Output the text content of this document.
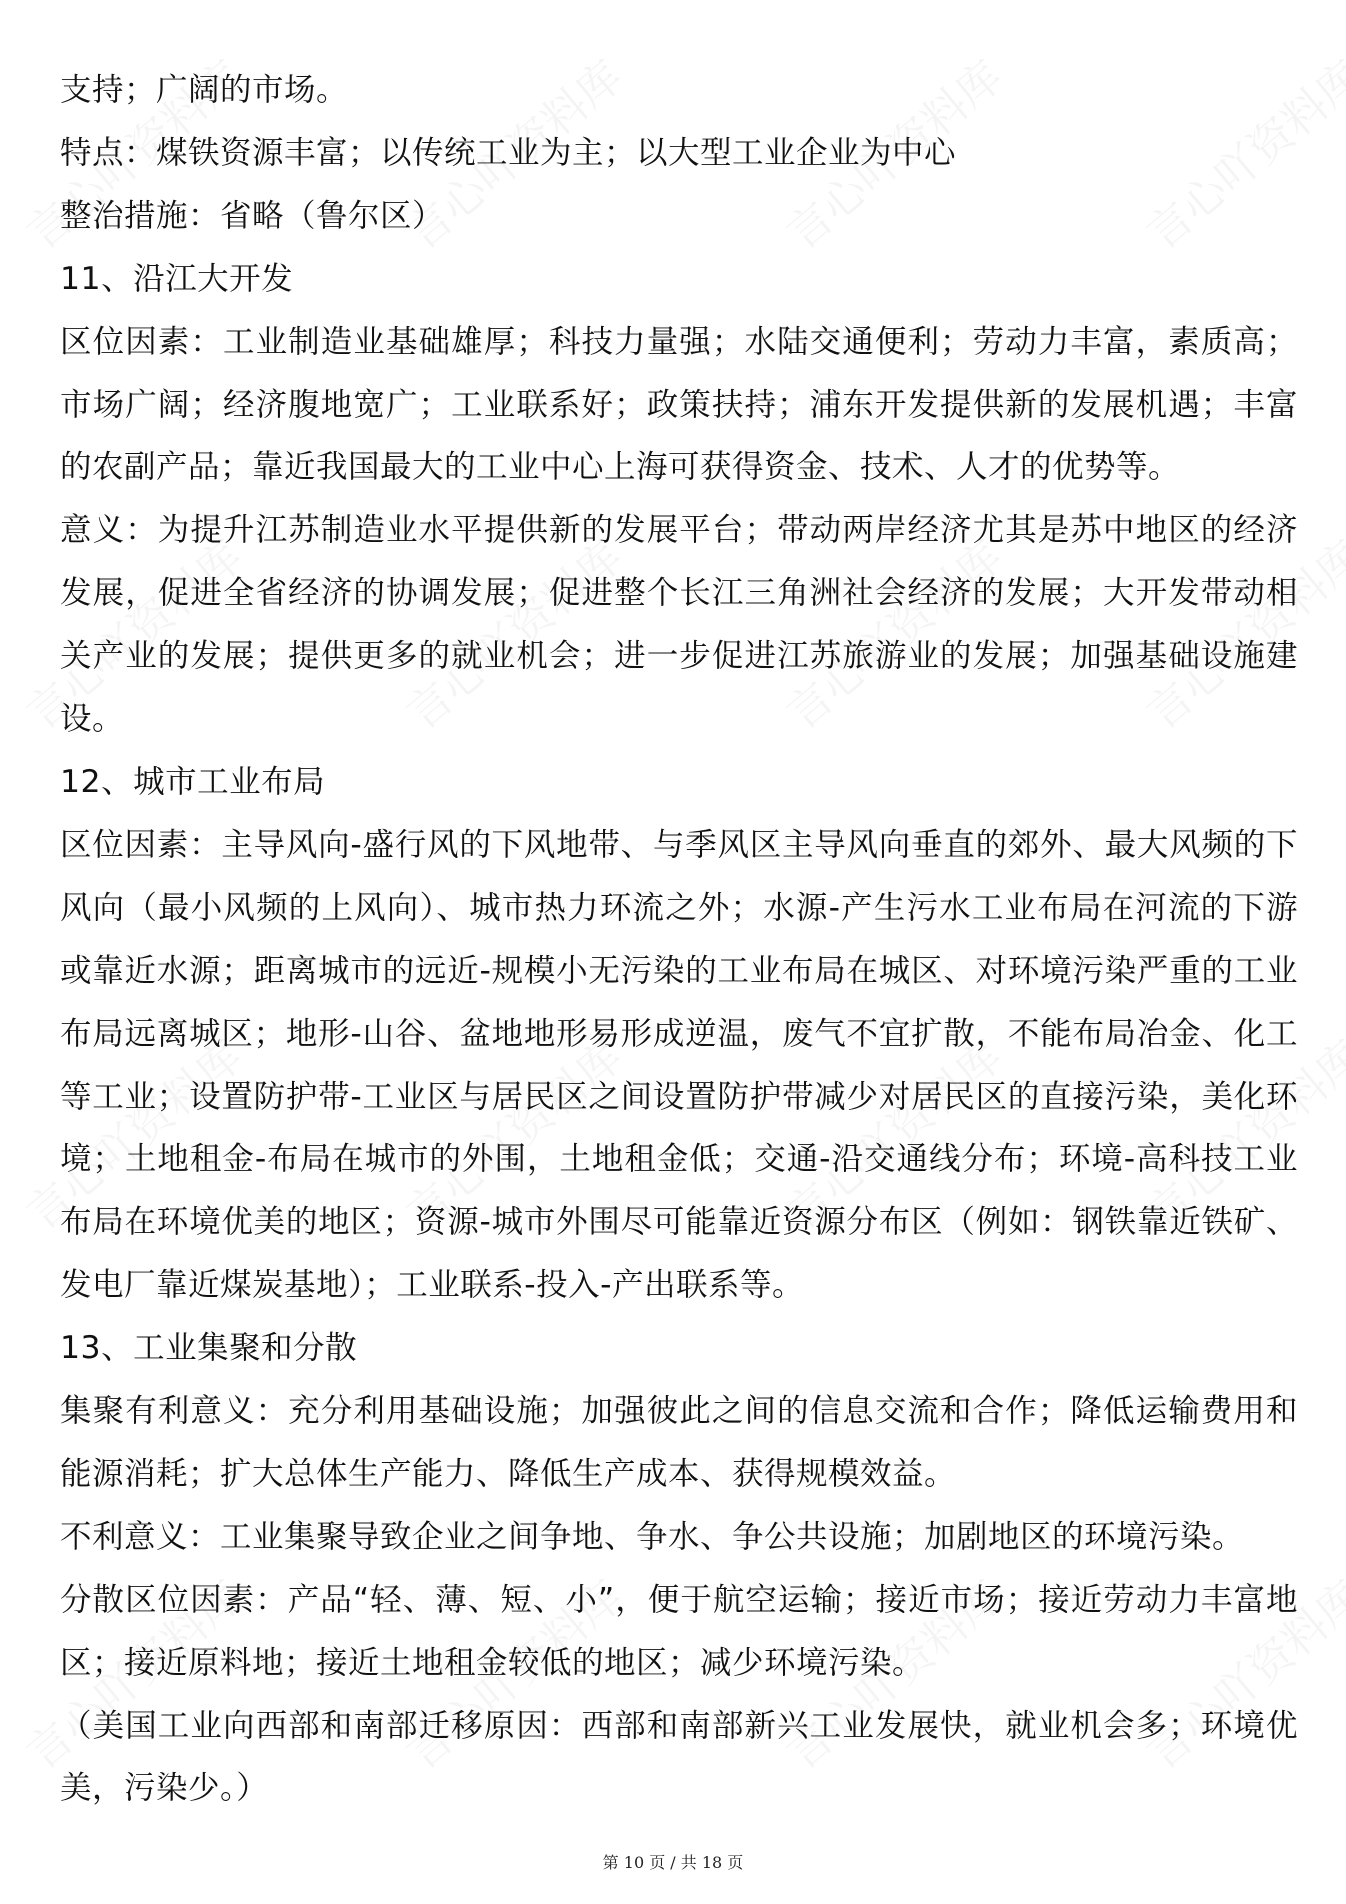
支持；广阔的市场。

特点：煤铁资源丰富；以传统工业为主；以大型工业企业为中心

整治措施：省略（鲁尔区）

11、沿江大开发

区位因素：工业制造业基础雄厚；科技力量强；水陆交通便利；劳动力丰富，素质高；市场广阔；经济腹地宽广；工业联系好；政策扶持；浦东开发提供新的发展机遇；丰富的农副产品；靠近我国最大的工业中心上海可获得资金、技术、人才的优势等。

意义：为提升江苏制造业水平提供新的发展平台；带动两岸经济尤其是苏中地区的经济发展，促进全省经济的协调发展；促进整个长江三角洲社会经济的发展；大开发带动相关产业的发展；提供更多的就业机会；进一步促进江苏旅游业的发展；加强基础设施建设。

12、城市工业布局

区位因素：主导风向-盛行风的下风地带、与季风区主导风向垂直的郊外、最大风频的下风向（最小风频的上风向）、城市热力环流之外；水源-产生污水工业布局在河流的下游或靠近水源；距离城市的远近-规模小无污染的工业布局在城区、对环境污染严重的工业布局远离城区；地形-山谷、盆地地形易形成逆温，废气不宜扩散，不能布局冶金、化工等工业；设置防护带-工业区与居民区之间设置防护带减少对居民区的直接污染，美化环境；土地租金-布局在城市的外围，土地租金低；交通-沿交通线分布；环境-高科技工业布局在环境优美的地区；资源-城市外围尽可能靠近资源分布区（例如：钢铁靠近铁矿、发电厂靠近煤炭基地）；工业联系-投入-产出联系等。

13、工业集聚和分散

集聚有利意义：充分利用基础设施；加强彼此之间的信息交流和合作；降低运输费用和能源消耗；扩大总体生产能力、降低生产成本、获得规模效益。

不利意义：工业集聚导致企业之间争地、争水、争公共设施；加剧地区的环境污染。

分散区位因素：产品“轻、薄、短、小”，便于航空运输；接近市场；接近劳动力丰富地区；接近原料地；接近土地租金较低的地区；减少环境污染。

（美国工业向西部和南部迁移原因：西部和南部新兴工业发展快，就业机会多；环境优美，污染少。）

第 10 页 / 共 18 页
